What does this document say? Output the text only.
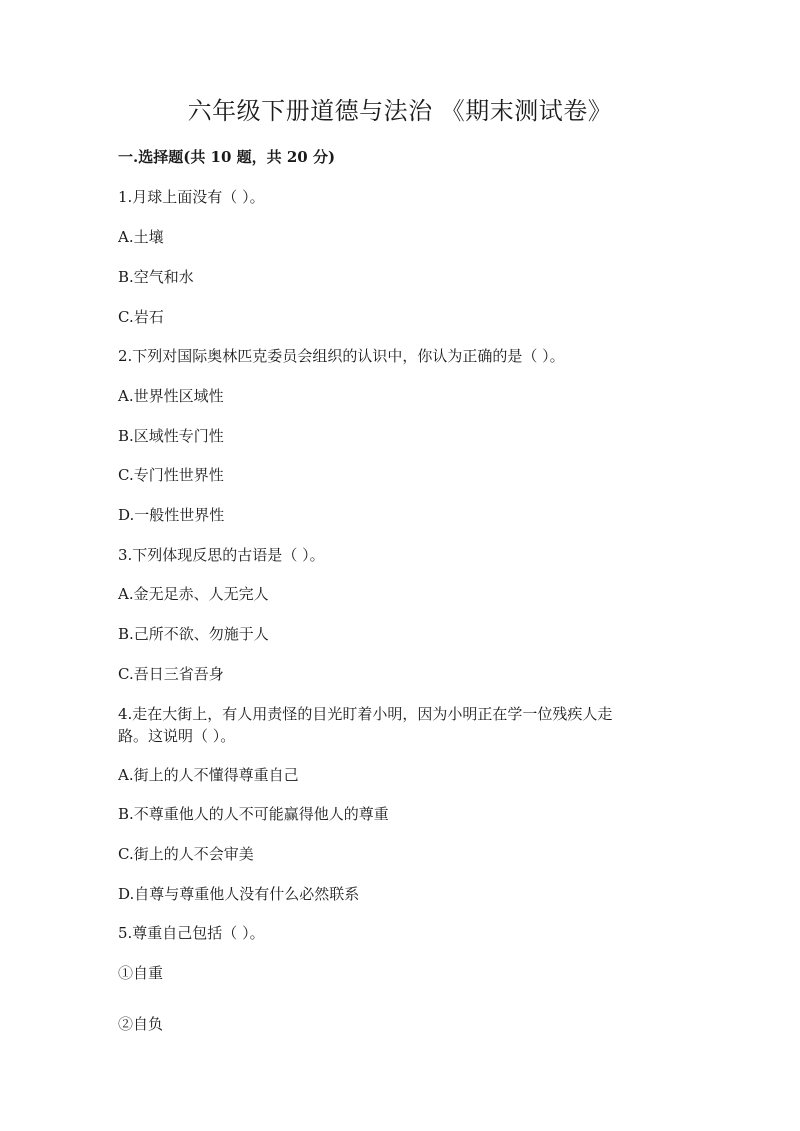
六年级下册道德与法治 《期末测试卷》
一.选择题(共 10 题，共 20 分)
1.月球上面没有（ ）。
A.土壤
B.空气和水
C.岩石
2.下列对国际奥林匹克委员会组织的认识中，你认为正确的是（ ）。
A.世界性区域性
B.区域性专门性
C.专门性世界性
D.一般性世界性
3.下列体现反思的古语是（ ）。
A.金无足赤、人无完人
B.己所不欲、勿施于人
C.吾日三省吾身
4.走在大街上，有人用责怪的目光盯着小明，因为小明正在学一位残疾人走
路。这说明（ ）。
A.街上的人不懂得尊重自己
B.不尊重他人的人不可能赢得他人的尊重
C.街上的人不会审美
D.自尊与尊重他人没有什么必然联系
5.尊重自己包括（ ）。
①自重
②自负
